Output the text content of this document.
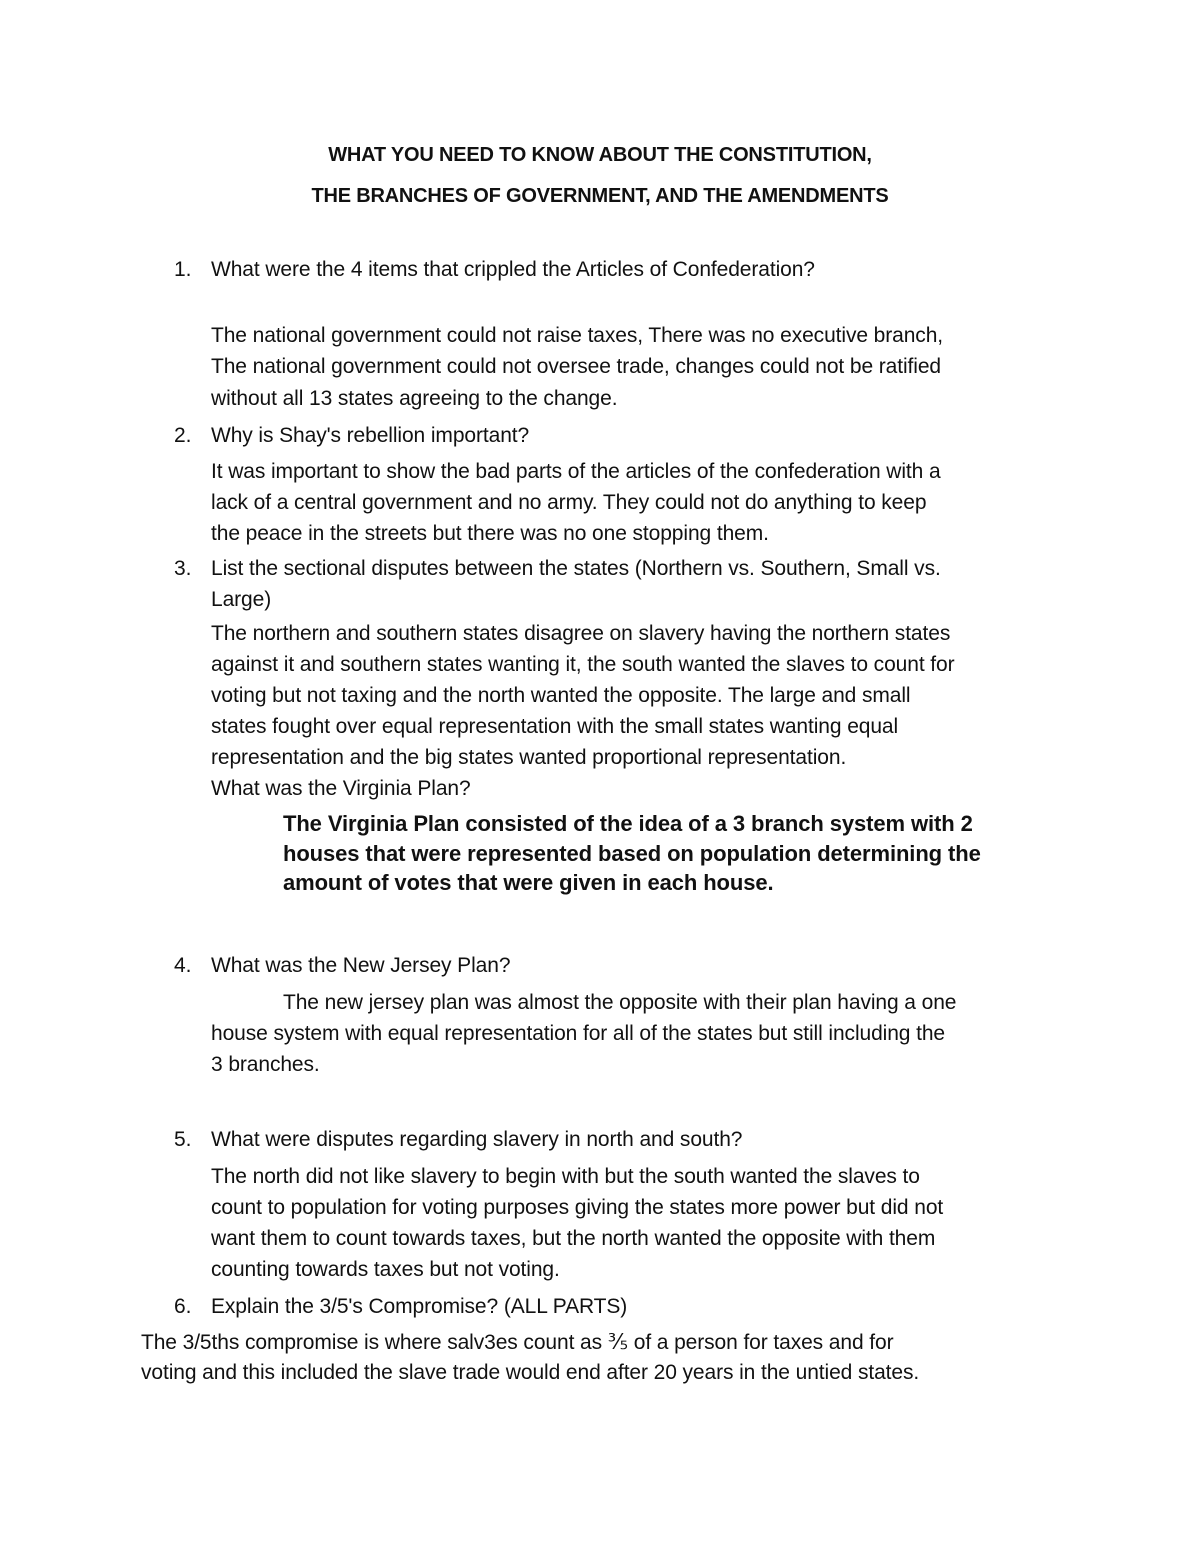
WHAT YOU NEED TO KNOW ABOUT THE CONSTITUTION,
THE BRANCHES OF GOVERNMENT, AND THE AMENDMENTS
1. What were the 4 items that crippled the Articles of Confederation?
The national government could not raise taxes, There was no executive branch,
The national government could not oversee trade, changes could not be ratified
without all 13 states agreeing to the change.
2. Why is Shay's rebellion important?
It was important to show the bad parts of the articles of the confederation with a
lack of a central government and no army. They could not do anything to keep
the peace in the streets but there was no one stopping them.
3. List the sectional disputes between the states (Northern vs. Southern, Small vs.
Large)
The northern and southern states disagree on slavery having the northern states
against it and southern states wanting it, the south wanted the slaves to count for
voting but not taxing and the north wanted the opposite. The large and small
states fought over equal representation with the small states wanting equal
representation and the big states wanted proportional representation.
What was the Virginia Plan?
The Virginia Plan consisted of the idea of a 3 branch system with 2
houses that were represented based on population determining the
amount of votes that were given in each house.
4. What was the New Jersey Plan?
The new jersey plan was almost the opposite with their plan having a one
house system with equal representation for all of the states but still including the
3 branches.
5. What were disputes regarding slavery in north and south?
The north did not like slavery to begin with but the south wanted the slaves to
count to population for voting purposes giving the states more power but did not
want them to count towards taxes, but the north wanted the opposite with them
counting towards taxes but not voting.
6. Explain the 3/5's Compromise? (ALL PARTS)
The 3/5ths compromise is where salv3es count as ⅗ of a person for taxes and for
voting and this included the slave trade would end after 20 years in the untied states.
